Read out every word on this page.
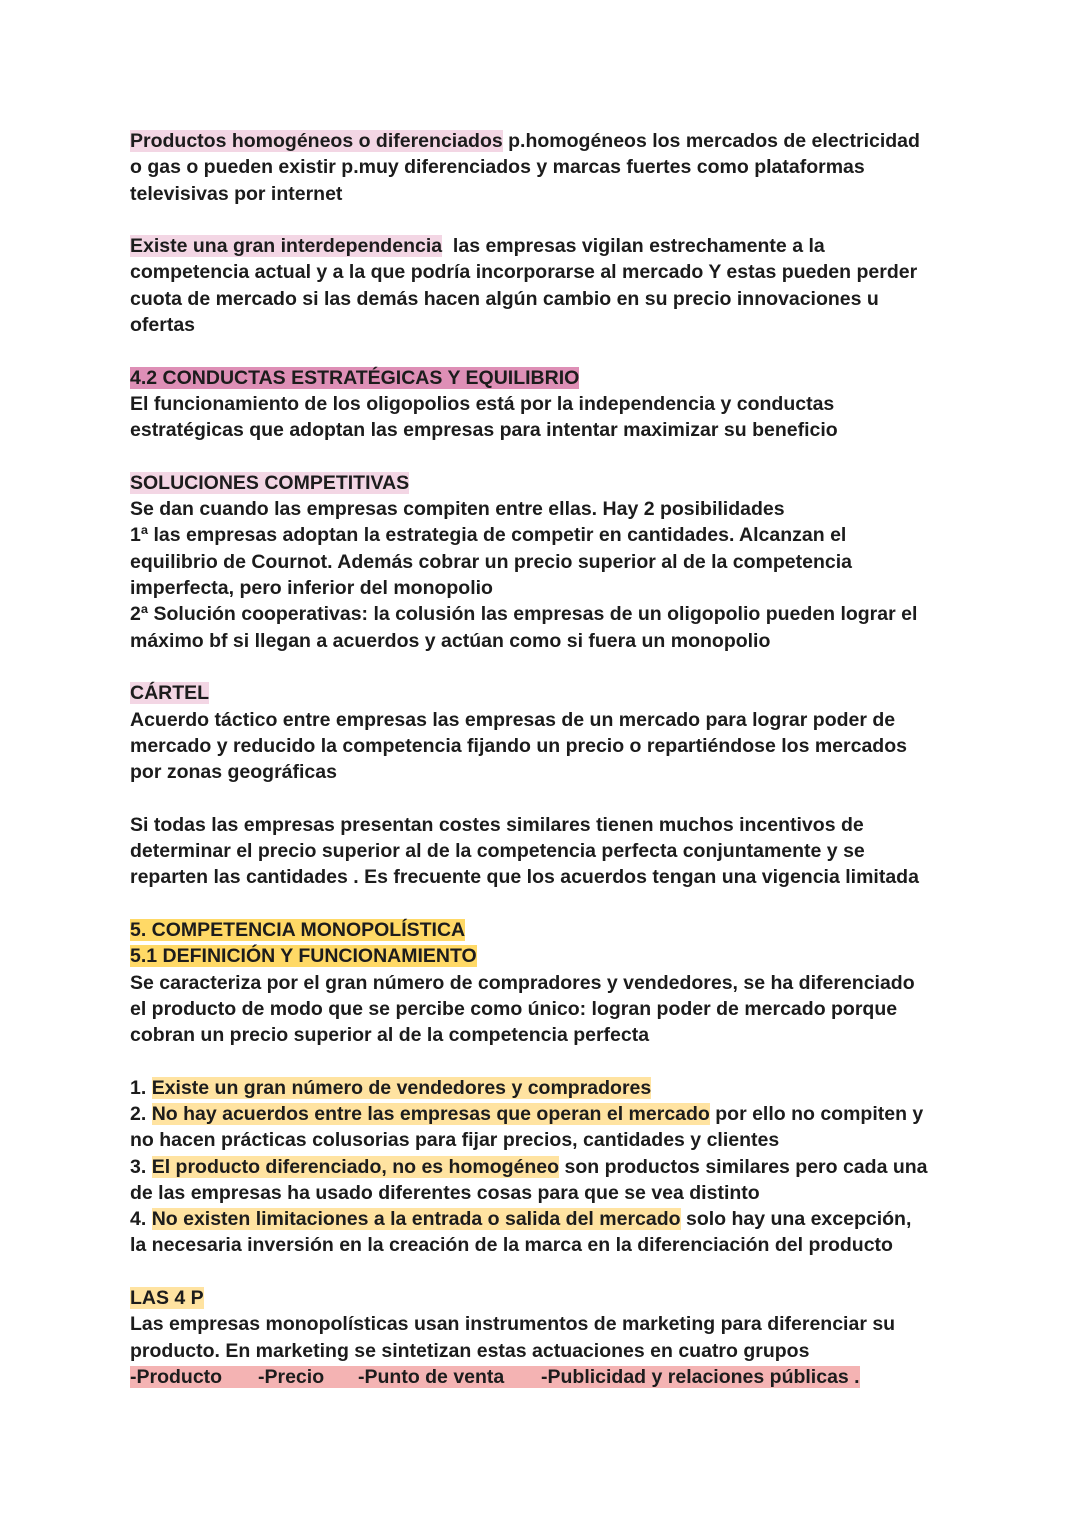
Productos homogéneos o diferenciados p.homogéneos los mercados de electricidad
o gas o pueden existir p.muy diferenciados y marcas fuertes como plataformas
televisivas por internet
Existe una gran interdependencia  las empresas vigilan estrechamente a la
competencia actual y a la que podría incorporarse al mercado Y estas pueden perder
cuota de mercado si las demás hacen algún cambio en su precio innovaciones u
ofertas
4.2 CONDUCTAS ESTRATÉGICAS Y EQUILIBRIO
El funcionamiento de los oligopolios está por la independencia y conductas
estratégicas que adoptan las empresas para intentar maximizar su beneficio
SOLUCIONES COMPETITIVAS
Se dan cuando las empresas compiten entre ellas. Hay 2 posibilidades
1ª las empresas adoptan la estrategia de competir en cantidades. Alcanzan el
equilibrio de Cournot. Además cobrar un precio superior al de la competencia
imperfecta, pero inferior del monopolio
2ª Solución cooperativas: la colusión las empresas de un oligopolio pueden lograr el
máximo bf si llegan a acuerdos y actúan como si fuera un monopolio
CÁRTEL
Acuerdo táctico entre empresas las empresas de un mercado para lograr poder de
mercado y reducido la competencia fijando un precio o repartiéndose los mercados
por zonas geográficas
Si todas las empresas presentan costes similares tienen muchos incentivos de
determinar el precio superior al de la competencia perfecta conjuntamente y se
reparten las cantidades . Es frecuente que los acuerdos tengan una vigencia limitada
5. COMPETENCIA MONOPOLÍSTICA
5.1 DEFINICIÓN Y FUNCIONAMIENTO
Se caracteriza por el gran número de compradores y vendedores, se ha diferenciado
el producto de modo que se percibe como único: logran poder de mercado porque
cobran un precio superior al de la competencia perfecta
1. Existe un gran número de vendedores y compradores
2. No hay acuerdos entre las empresas que operan el mercado por ello no compiten y
no hacen prácticas colusorias para fijar precios, cantidades y clientes
3. El producto diferenciado, no es homogéneo son productos similares pero cada una
de las empresas ha usado diferentes cosas para que se vea distinto
4. No existen limitaciones a la entrada o salida del mercado solo hay una excepción,
la necesaria inversión en la creación de la marca en la diferenciación del producto
LAS 4 P
Las empresas monopolísticas usan instrumentos de marketing para diferenciar su
producto. En marketing se sintetizan estas actuaciones en cuatro grupos
-Producto -Precio -Punto de venta -Publicidad y relaciones públicas .
